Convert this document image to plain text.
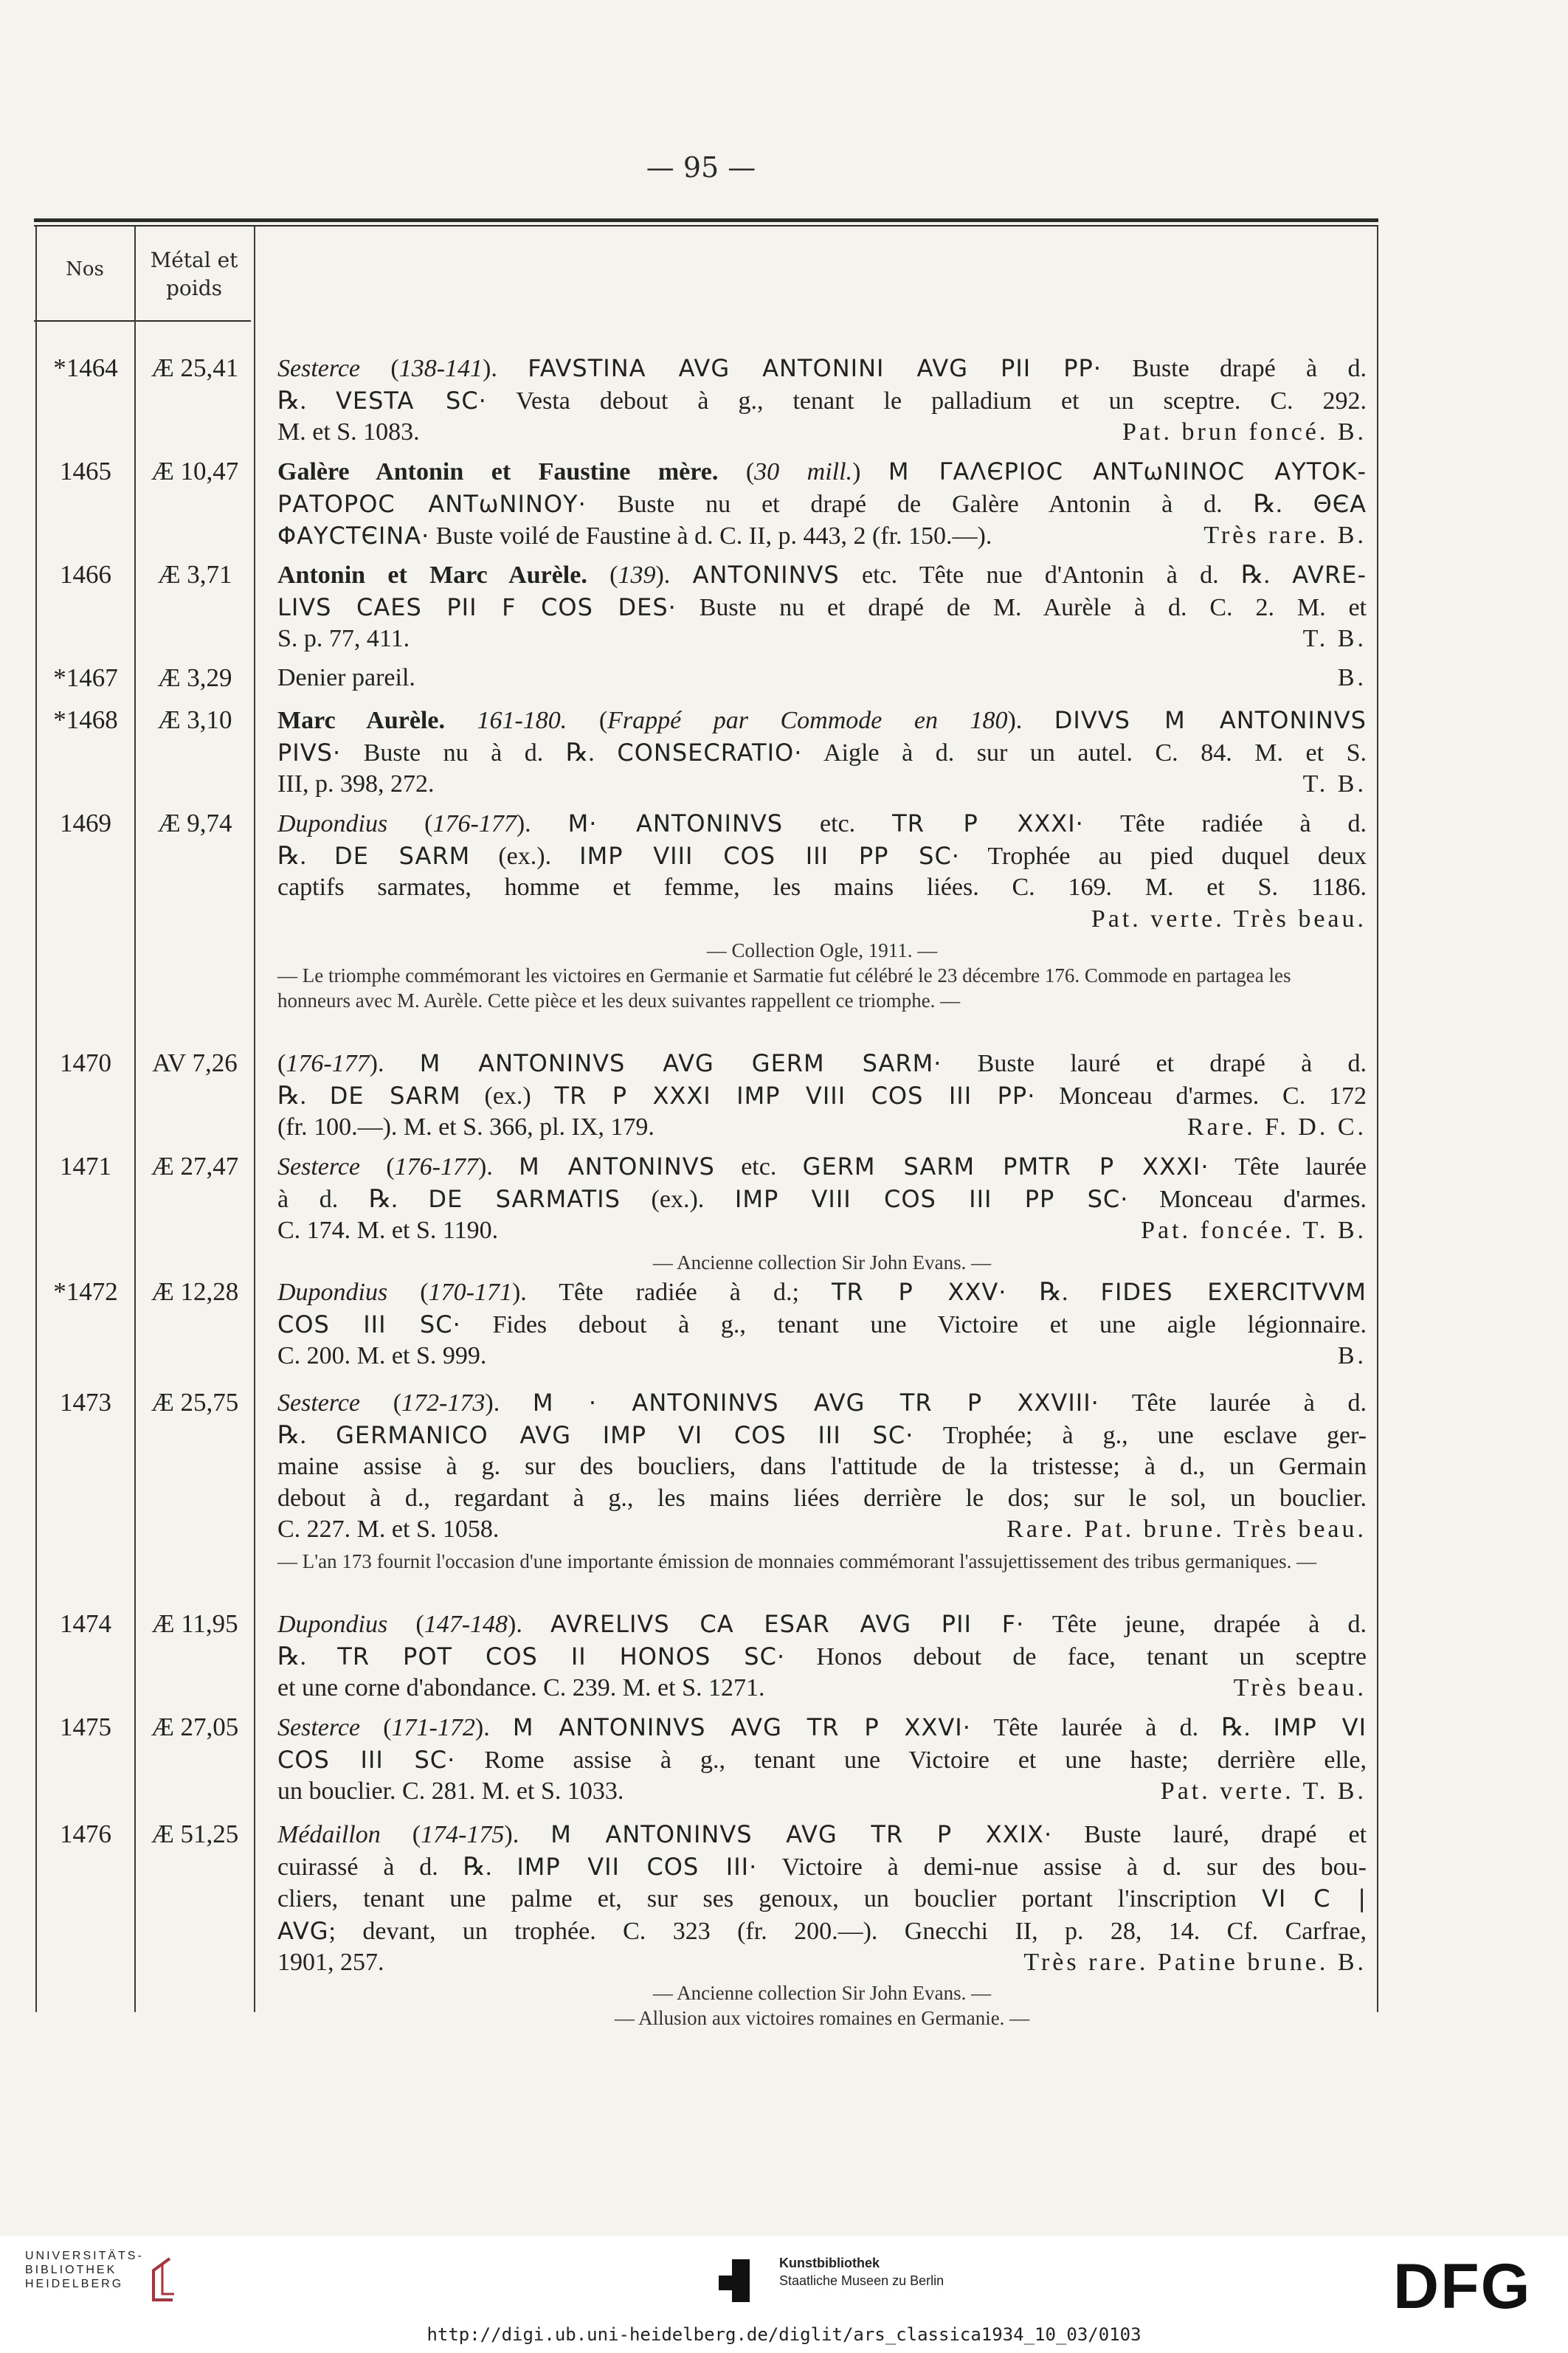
— 95 —
Nos	Métal et
poids
*1464	Æ 25,41	Sesterce (138-141). FAVSTINA AVG ANTONINI AVG PII PP· Buste drapé à d.

℞. VESTA SC· Vesta debout à g., tenant le palladium et un sceptre. C. 292.

M. et S. 1083.	Pat. brun foncé. B.

1465	Æ 10,47	Galère Antonin et Faustine mère. (30 mill.) Μ ΓΑΛЄΡΙΟϹ ΑΝΤωΝΙΝΟϹ ΑΥΤΟΚ-

ΡΑΤΟΡΟϹ ΑΝΤωΝΙΝΟΥ· Buste nu et drapé de Galère Antonin à d. ℞. ΘЄΑ

ΦΑΥϹΤЄΙΝΑ· Buste voilé de Faustine à d. C. II, p. 443, 2 (fr. 150.—).	Très rare. B.

1466	Æ 3,71	Antonin et Marc Aurèle. (139). ANTONINVS etc. Tête nue d'Antonin à d. ℞. AVRE-

LIVS CAES PII F COS DES· Buste nu et drapé de M. Aurèle à d. C. 2. M. et

S. p. 77, 411.	T. B.

*1467	Æ 3,29	Denier pareil.	B.

*1468	Æ 3,10	Marc Aurèle. 161-180. (Frappé par Commode en 180). DIVVS M ANTONINVS

PIVS· Buste nu à d. ℞. CONSECRATIO· Aigle à d. sur un autel. C. 84. M. et S.

III, p. 398, 272.	T. B.

1469	Æ 9,74	Dupondius (176-177). M· ANTONINVS etc. TR P XXXI· Tête radiée à d.

℞. DE SARM (ex.). IMP VIII COS III PP SC· Trophée au pied duquel deux

captifs sarmates, homme et femme, les mains liées. C. 169. M. et S. 1186.

Pat. verte. Très beau.

— Collection Ogle, 1911. —

— Le triomphe commémorant les victoires en Germanie et Sarmatie fut célébré le 23 décembre 176. Commode en partagea les honneurs avec M. Aurèle. Cette pièce et les deux suivantes rappellent ce triomphe. —

1470	AV 7,26	(176-177). M ANTONINVS AVG GERM SARM· Buste lauré et drapé à d.

℞. DE SARM (ex.) TR P XXXI IMP VIII COS III PP· Monceau d'armes. C. 172

(fr. 100.—). M. et S. 366, pl. IX, 179.	Rare. F. D. C.

1471	Æ 27,47	Sesterce (176-177). M ANTONINVS etc. GERM SARM PMTR P XXXI· Tête laurée

à d. ℞. DE SARMATIS (ex.). IMP VIII COS III PP SC· Monceau d'armes.

C. 174. M. et S. 1190.	Pat. foncée. T. B.

— Ancienne collection Sir John Evans. —

*1472	Æ 12,28	Dupondius (170-171). Tête radiée à d.; TR P XXV· ℞. FIDES EXERCITVVM

COS III SC· Fides debout à g., tenant une Victoire et une aigle légionnaire.

C. 200. M. et S. 999.	B.

1473	Æ 25,75	Sesterce (172-173). M · ANTONINVS AVG TR P XXVIII· Tête laurée à d.

℞. GERMANICO AVG IMP VI COS III SC· Trophée; à g., une esclave ger-

maine assise à g. sur des boucliers, dans l'attitude de la tristesse; à d., un Germain

debout à d., regardant à g., les mains liées derrière le dos; sur le sol, un bouclier.

C. 227. M. et S. 1058.	Rare. Pat. brune. Très beau.

— L'an 173 fournit l'occasion d'une importante émission de monnaies commémorant l'assujettissement des tribus germaniques. —

1474	Æ 11,95	Dupondius (147-148). AVRELIVS CA ESAR AVG PII F· Tête jeune, drapée à d.

℞. TR POT COS II HONOS SC· Honos debout de face, tenant un sceptre

et une corne d'abondance. C. 239. M. et S. 1271.	Très beau.

1475	Æ 27,05	Sesterce (171-172). M ANTONINVS AVG TR P XXVI· Tête laurée à d. ℞. IMP VI

COS III SC· Rome assise à g., tenant une Victoire et une haste; derrière elle,

un bouclier. C. 281. M. et S. 1033.	Pat. verte. T. B.

1476	Æ 51,25	Médaillon (174-175). M ANTONINVS AVG TR P XXIX· Buste lauré, drapé et

cuirassé à d. ℞. IMP VII COS III· Victoire à demi-nue assise à d. sur des bou-

cliers, tenant une palme et, sur ses genoux, un bouclier portant l'inscription VI C |

AVG; devant, un trophée. C. 323 (fr. 200.—). Gnecchi II, p. 28, 14. Cf. Carfrae,

1901, 257.	Très rare. Patine brune. B.

— Ancienne collection Sir John Evans. —

— Allusion aux victoires romaines en Germanie. —

UNIVERSITÄTS-
BIBLIOTHEK
HEIDELBERG
Kunstbibliothek
Staatliche Museen zu Berlin	DFG
http://digi.ub.uni-heidelberg.de/diglit/ars_classica1934_10_03/0103
